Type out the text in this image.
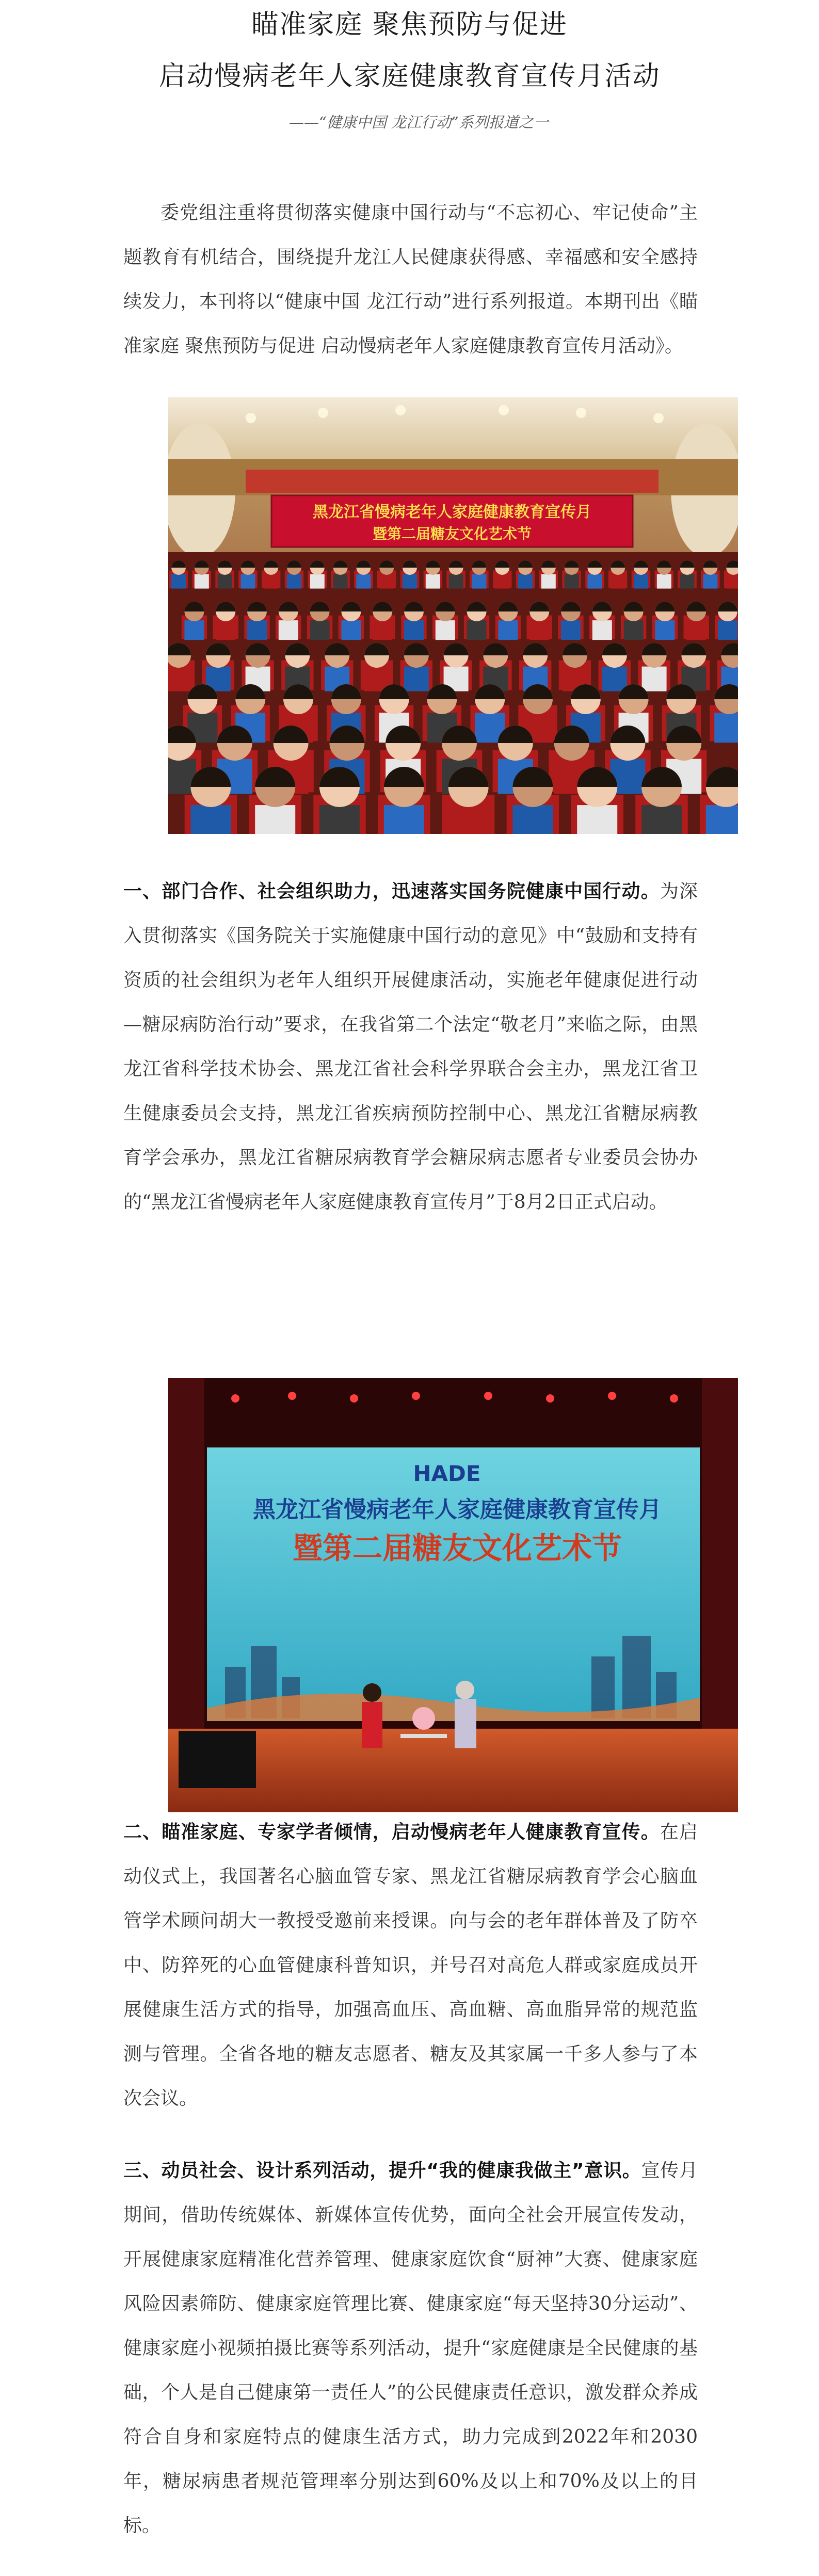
瞄准家庭 聚焦预防与促进
启动慢病老年人家庭健康教育宣传月活动
——“健康中国 龙江行动”系列报道之一

委党组注重将贯彻落实健康中国行动与“不忘初心、牢记使命”主题教育有机结合，围绕提升龙江人民健康获得感、幸福感和安全感持续发力，本刊将以“健康中国 龙江行动”进行系列报道。本期刊出《瞄准家庭 聚焦预防与促进 启动慢病老年人家庭健康教育宣传月活动》。

黑龙江省慢病老年人家庭健康教育宣传月
暨第二届糖友文化艺术节

一、部门合作、社会组织助力，迅速落实国务院健康中国行动。为深入贯彻落实《国务院关于实施健康中国行动的意见》中“鼓励和支持有资质的社会组织为老年人组织开展健康活动，实施老年健康促进行动—糖尿病防治行动”要求，在我省第二个法定“敬老月”来临之际，由黑龙江省科学技术协会、黑龙江省社会科学界联合会主办，黑龙江省卫生健康委员会支持，黑龙江省疾病预防控制中心、黑龙江省糖尿病教育学会承办，黑龙江省糖尿病教育学会糖尿病志愿者专业委员会协办的“黑龙江省慢病老年人家庭健康教育宣传月”于8月2日正式启动。

HADE
黑龙江省慢病老年人家庭健康教育宣传月
暨第二届糖友文化艺术节

二、瞄准家庭、专家学者倾情，启动慢病老年人健康教育宣传。在启动仪式上，我国著名心脑血管专家、黑龙江省糖尿病教育学会心脑血管学术顾问胡大一教授受邀前来授课。向与会的老年群体普及了防卒中、防猝死的心血管健康科普知识，并号召对高危人群或家庭成员开展健康生活方式的指导，加强高血压、高血糖、高血脂异常的规范监测与管理。全省各地的糖友志愿者、糖友及其家属一千多人参与了本次会议。

三、动员社会、设计系列活动，提升“我的健康我做主”意识。宣传月期间，借助传统媒体、新媒体宣传优势，面向全社会开展宣传发动，开展健康家庭精准化营养管理、健康家庭饮食“厨神”大赛、健康家庭风险因素筛防、健康家庭管理比赛、健康家庭“每天坚持30分运动”、健康家庭小视频拍摄比赛等系列活动，提升“家庭健康是全民健康的基础，个人是自己健康第一责任人”的公民健康责任意识，激发群众养成符合自身和家庭特点的健康生活方式，助力完成到2022年和2030年，糖尿病患者规范管理率分别达到60%及以上和70%及以上的目标。
